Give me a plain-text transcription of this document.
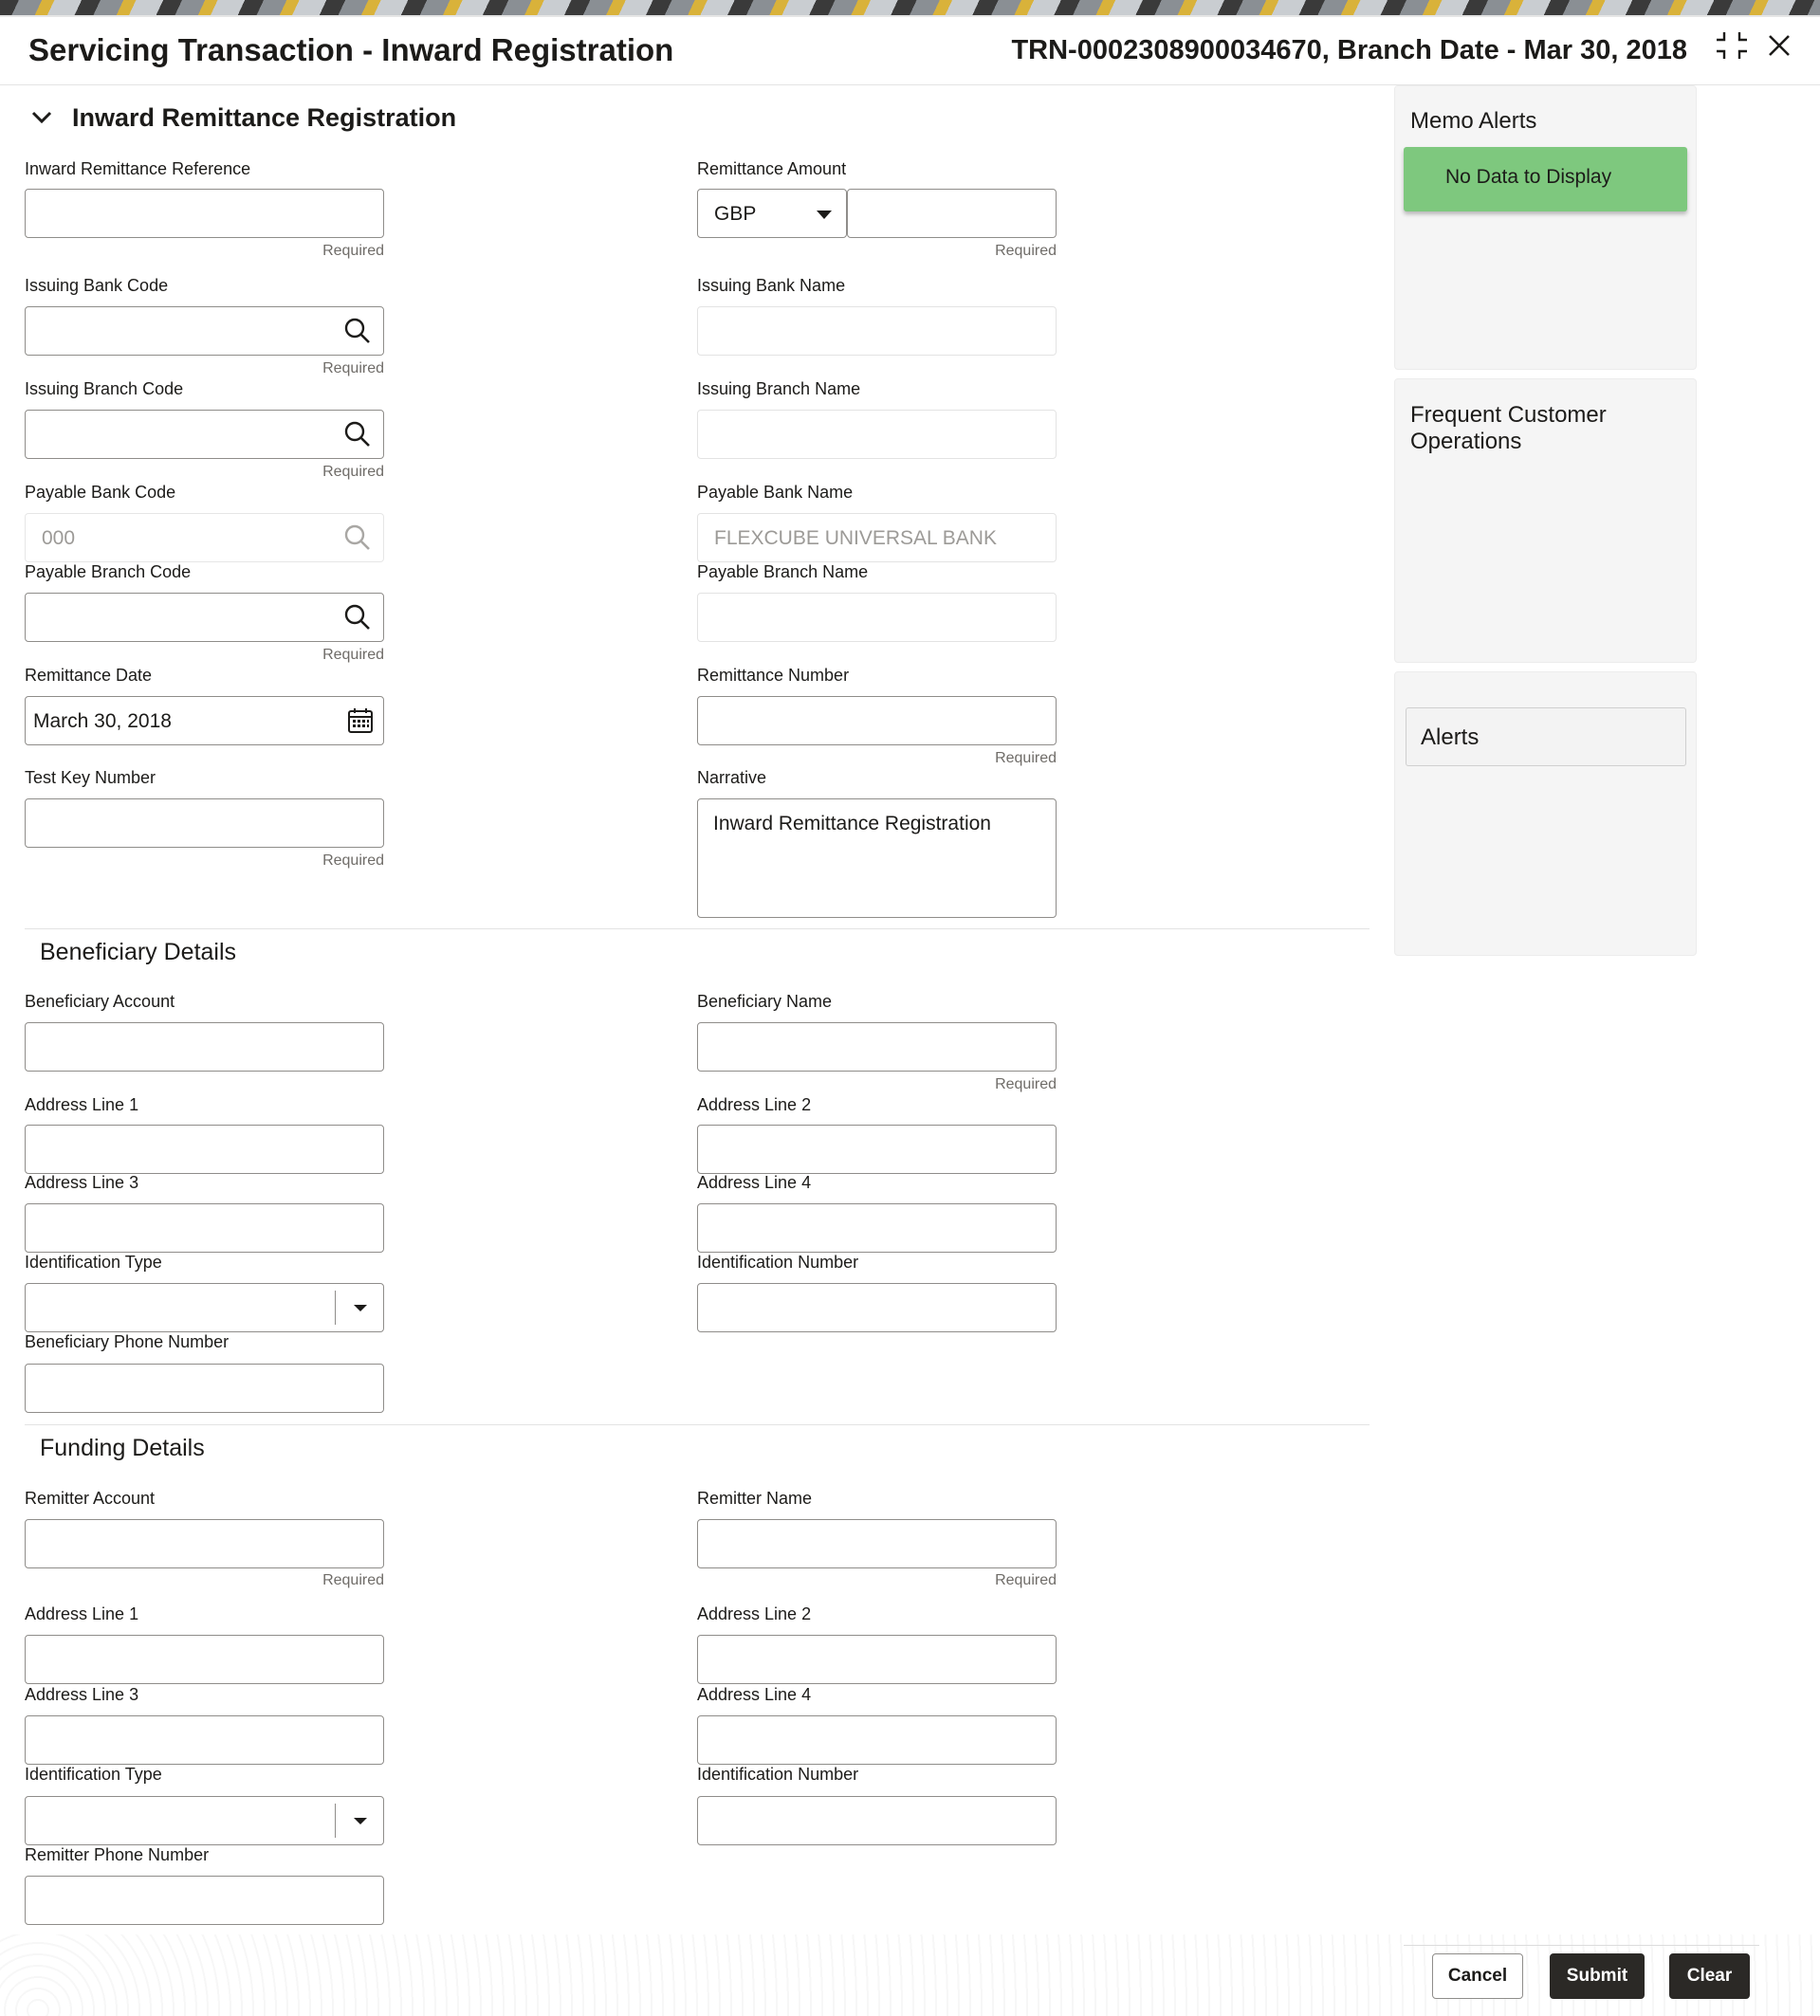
Servicing Transaction - Inward Registration	TRN-0002308900034670, Branch Date - Mar 30, 2018
Inward Remittance Registration
Inward Remittance Reference
Required
Remittance Amount
GBP
Required
Issuing Bank Code
Required
Issuing Bank Name
Issuing Branch Code
Required
Issuing Branch Name
Payable Bank Code
000
Payable Bank Name
FLEXCUBE UNIVERSAL BANK
Payable Branch Code
Required
Payable Branch Name
Remittance Date
March 30, 2018
Remittance Number
Required
Test Key Number
Required
Narrative
Inward Remittance Registration
Beneficiary Details
Beneficiary Account	Beneficiary Name
Required
Address Line 1	Address Line 2
Address Line 3	Address Line 4
Identification Type	Identification Number
Beneficiary Phone Number
Funding Details
Remitter Account
Required
Remitter Name
Required
Address Line 1	Address Line 2
Address Line 3	Address Line 4
Identification Type	Identification Number
Remitter Phone Number
Memo Alerts
No Data to Display
Frequent Customer Operations
Alerts
Cancel	Submit	Clear
